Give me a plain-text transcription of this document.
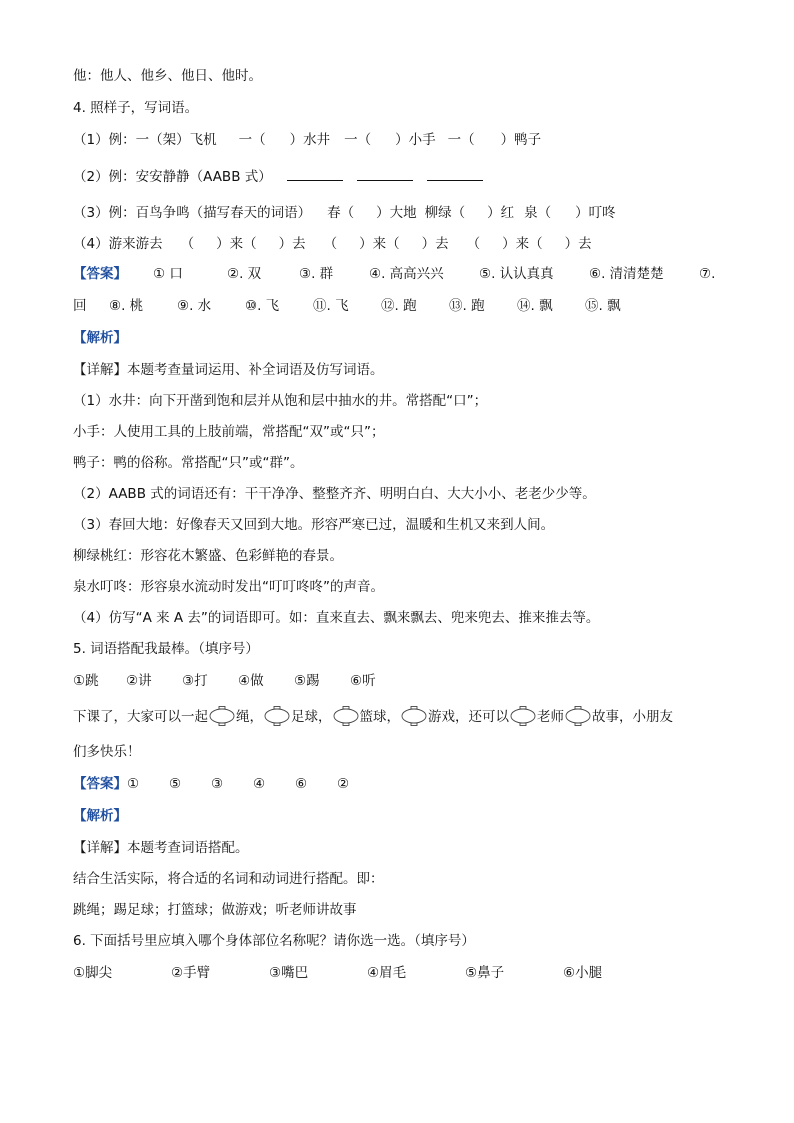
他：他人、他乡、他日、他时。
4. 照样子，写词语。
（1）例：一（架）飞机 一（ ）水井 一（ ）小手 一（ ）鸭子
（2）例：安安静静（AABB 式）
（3）例：百鸟争鸣（描写春天的词语） 春（ ）大地 柳绿（ ）红 泉（ ）叮咚
（4）游来游去 （ ）来（ ）去 （ ）来（ ）去 （ ）来（ ）去
【答案】 ① 口	②. 双	③. 群	④. 高高兴兴	⑤. 认认真真	⑥. 清清楚楚	⑦.
回 ⑧. 桃	⑨. 水	⑩. 飞	⑪. 飞 ⑫. 跑 ⑬. 跑 ⑭. 飘 ⑮. 飘
【解析】
【详解】本题考查量词运用、补全词语及仿写词语。
（1）水井：向下开凿到饱和层并从饱和层中抽水的井。常搭配“口”；
小手：人使用工具的上肢前端，常搭配“双”或“只”；
鸭子：鸭的俗称。常搭配“只”或“群”。
（2）AABB 式的词语还有：干干净净、整整齐齐、明明白白、大大小小、老老少少等。
（3）春回大地：好像春天又回到大地。形容严寒已过，温暖和生机又来到人间。
柳绿桃红：形容花木繁盛、色彩鲜艳的春景。
泉水叮咚：形容泉水流动时发出“叮叮咚咚”的声音。
（4）仿写“A 来 A 去”的词语即可。如：直来直去、飘来飘去、兜来兜去、推来推去等。
5. 词语搭配我最棒。（填序号）
①跳 ②讲 ③打 ④做 ⑤踢 ⑥听
下课了，大家可以一起 绳， 足球， 篮球， 游戏，还可以 老师 故事，小朋友
们多快乐！
【答案】① ⑤ ③ ④ ⑥ ②
【解析】
【详解】本题考查词语搭配。
结合生活实际，将合适的名词和动词进行搭配。即：
跳绳；踢足球；打篮球；做游戏；听老师讲故事
6. 下面括号里应填入哪个身体部位名称呢？请你选一选。（填序号）
①脚尖	②手臂	③嘴巴	④眉毛	⑤鼻子	⑥小腿
